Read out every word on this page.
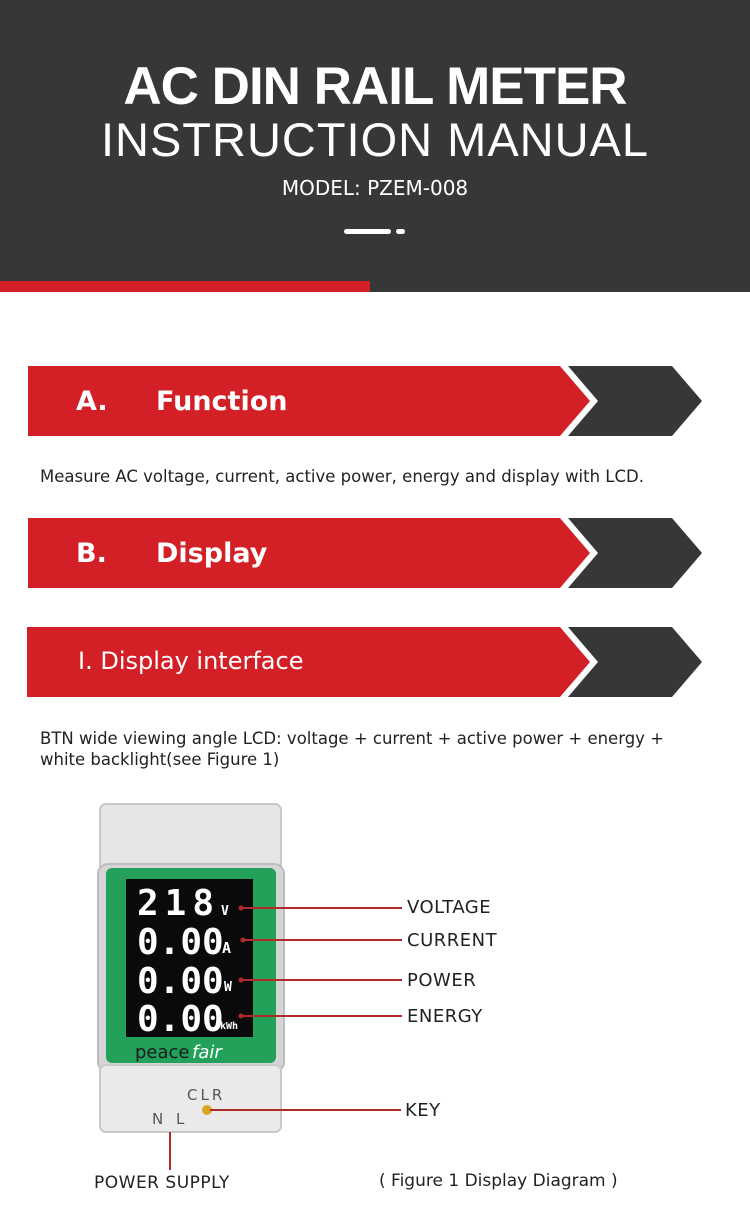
AC DIN RAIL METER
INSTRUCTION MANUAL
MODEL: PZEM-008
A. Function
Measure AC voltage, current, active power, energy and display with LCD.
B. Display
I. Display interface
BTN wide viewing angle LCD: voltage + current + active power + energy +
white backlight(see Figure 1)
218 V
0.00
A
0.00 W
0.00
kWh
peace fair
CLR
N L
VOLTAGE
CURRENT
POWER
ENERGY
KEY
POWER SUPPLY	( Figure 1 Display Diagram )
